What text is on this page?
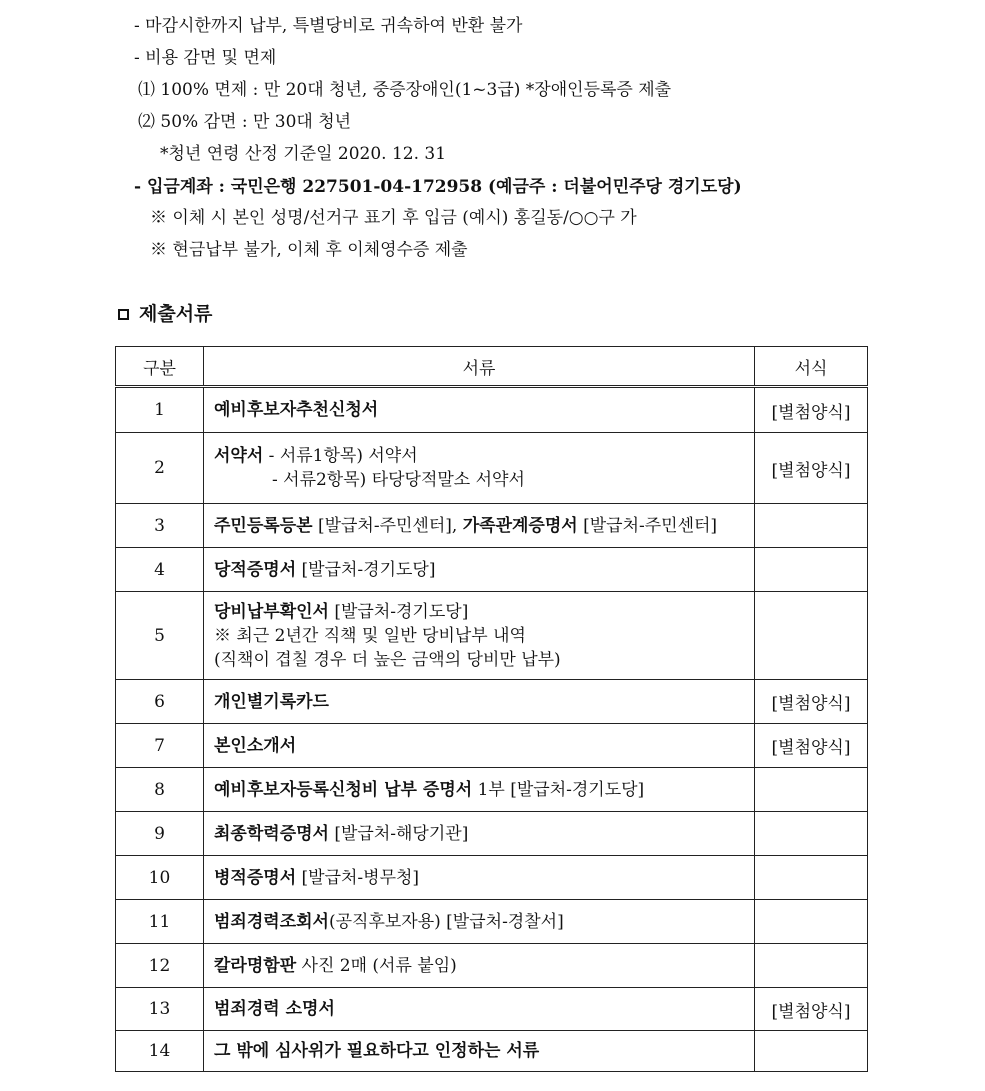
- 마감시한까지 납부, 특별당비로 귀속하여 반환 불가
- 비용 감면 및 면제
⑴ 100% 면제 : 만 20대 청년, 중증장애인(1~3급) *장애인등록증 제출
⑵ 50% 감면 : 만 30대 청년
*청년 연령 산정 기준일 2020. 12. 31
- 입금계좌 : 국민은행 227501-04-172958 (예금주 : 더불어민주당 경기도당)
※ 이체 시 본인 성명/선거구 표기 후 입금 (예시) 홍길동/○○구 가
※ 현금납부 불가, 이체 후 이체영수증 제출
제출서류
구분	서류	서식
1	예비후보자추천신청서	[별첨양식]
2	서약서 - 서류1항목) 서약서
- 서류2항목) 타당당적말소 서약서	[별첨양식]
3	주민등록등본 [발급처-주민센터], 가족관계증명서 [발급처-주민센터]	
4	당적증명서 [발급처-경기도당]	
5	당비납부확인서 [발급처-경기도당]
※ 최근 2년간 직책 및 일반 당비납부 내역
(직책이 겹칠 경우 더 높은 금액의 당비만 납부)	

6	개인별기록카드	[별첨양식]
7	본인소개서	[별첨양식]
8	예비후보자등록신청비 납부 증명서 1부 [발급처-경기도당]	
9	최종학력증명서 [발급처-해당기관]	
10	병적증명서 [발급처-병무청]	
11	범죄경력조회서(공직후보자용) [발급처-경찰서]	
12	칼라명함판 사진 2매 (서류 붙임)	
13	범죄경력 소명서	[별첨양식]
14	그 밖에 심사위가 필요하다고 인정하는 서류	
